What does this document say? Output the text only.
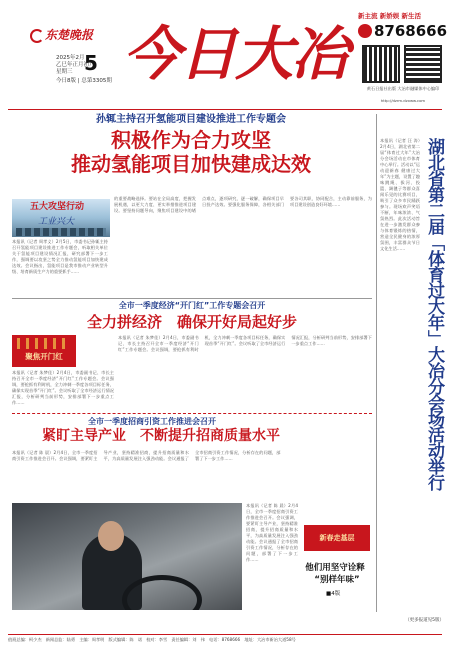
东楚晚报
2025年2月
乙巳年正月初八
星期三 5
今日8版 | 总第3305期 今日大冶
新主流 新娇娱 新生活
8768666
黄石日报社出版 大冶市融媒体中心编印
http://dzrm.dzxww.com
孙辄主持召开氢能项目建设推进工作专题会
积极作为合力攻坚
推动氢能项目加快建成达效
五大攻坚行动
工业兴大
本报讯（记者 周孝义）2月5日，市委书记孙辄主持召开氢能项目建设推进工作专题会，听取相关单位关于氢能项目建设情况汇报，研究部署下一步工作，强调要以攻坚之势全力推动氢能项目加快建成达效。会议指出，氢能项目是我市推动产业转型升级、培育新质生产力的重要抓手……
的重要战略选择。要站在全局高度，把握发展机遇，以更大力度、更实举措推进项目建设。要坚持问题导向，聚焦项目建设中的堵点难点，逐项研究、逐一破解，确保项目早日投产达效。要强化服务保障，各相关部门要各司其职、协同配合，主动靠前服务，为项目建设创造良好环境……
本报讯（记者 汪 涛）2月4日，湖北省第二届“体育过大年”大冶分会场活动在市体育中心举行。活动以“运动迎新春 健康过大年”为主题，设置了趣味跳绳、拔河、投篮、踢毽子等群众喜闻乐见的比赛项目，吸引了众多市民踊跃参与。现场欢声笑语不断，年味浓浓、气氛热烈。此次活动旨在进一步激发群众参与体育锻炼的热情，营造全民健身的浓厚氛围，丰富群众节日文化生活……
湖北省第二届「体育过大年」大冶分会场活动举行
（更多报道见5版）
全市一季度经济“开门红”工作专题会召开
全力拼经济　确保开好局起好步
聚焦开门红
本报讯（记者 朱梦佳）2月4日，市委副书记、市长主持召开全市一季度经济“开门红”工作专题会。会议强调，要抢抓有利时机，全力冲刺一季度各项目标任务，确保实现首季“开门红”。会议听取了全市经济运行情况汇报，分析研判当前形势，安排部署下一步重点工作……
本报讯（记者 朱梦佳）2月4日，市委副书记、市长主持召开全市一季度经济“开门红”工作专题会。会议强调，要抢抓有利时机，全力冲刺一季度各项目标任务，确保实现首季“开门红”。会议听取了全市经济运行情况汇报，分析研判当前形势，安排部署下一步重点工作……
全市一季度招商引资工作推进会召开
紧盯主导产业　不断提升招商质量水平
本报讯（记者 陈 晨）2月4日，全市一季度招商引资工作推进会召开。会议强调，要紧盯主导产业，坚持精准招商，提升招商质量和水平，为高质量发展注入强劲动能。会议通报了全市招商引资工作情况，分析存在的问题，部署了下一步工作……
本报讯（记者 陈 晨）2月4日，全市一季度招商引资工作推进会召开。会议强调，要紧盯主导产业，坚持精准招商，提升招商质量和水平，为高质量发展注入强劲动能。会议通报了全市招商引资工作情况，分析存在的问题，部署了下一步工作……
新春走基层
他们用坚守诠释
“别样年味”
■4版
值班总编：柯少杰　新闻总监：陆勇　主编：周孝明　版式编辑：陈　诺　校对：李雪　责任编辑：刘　伟　电话：8768666　地址：大冶市新冶大道58号
